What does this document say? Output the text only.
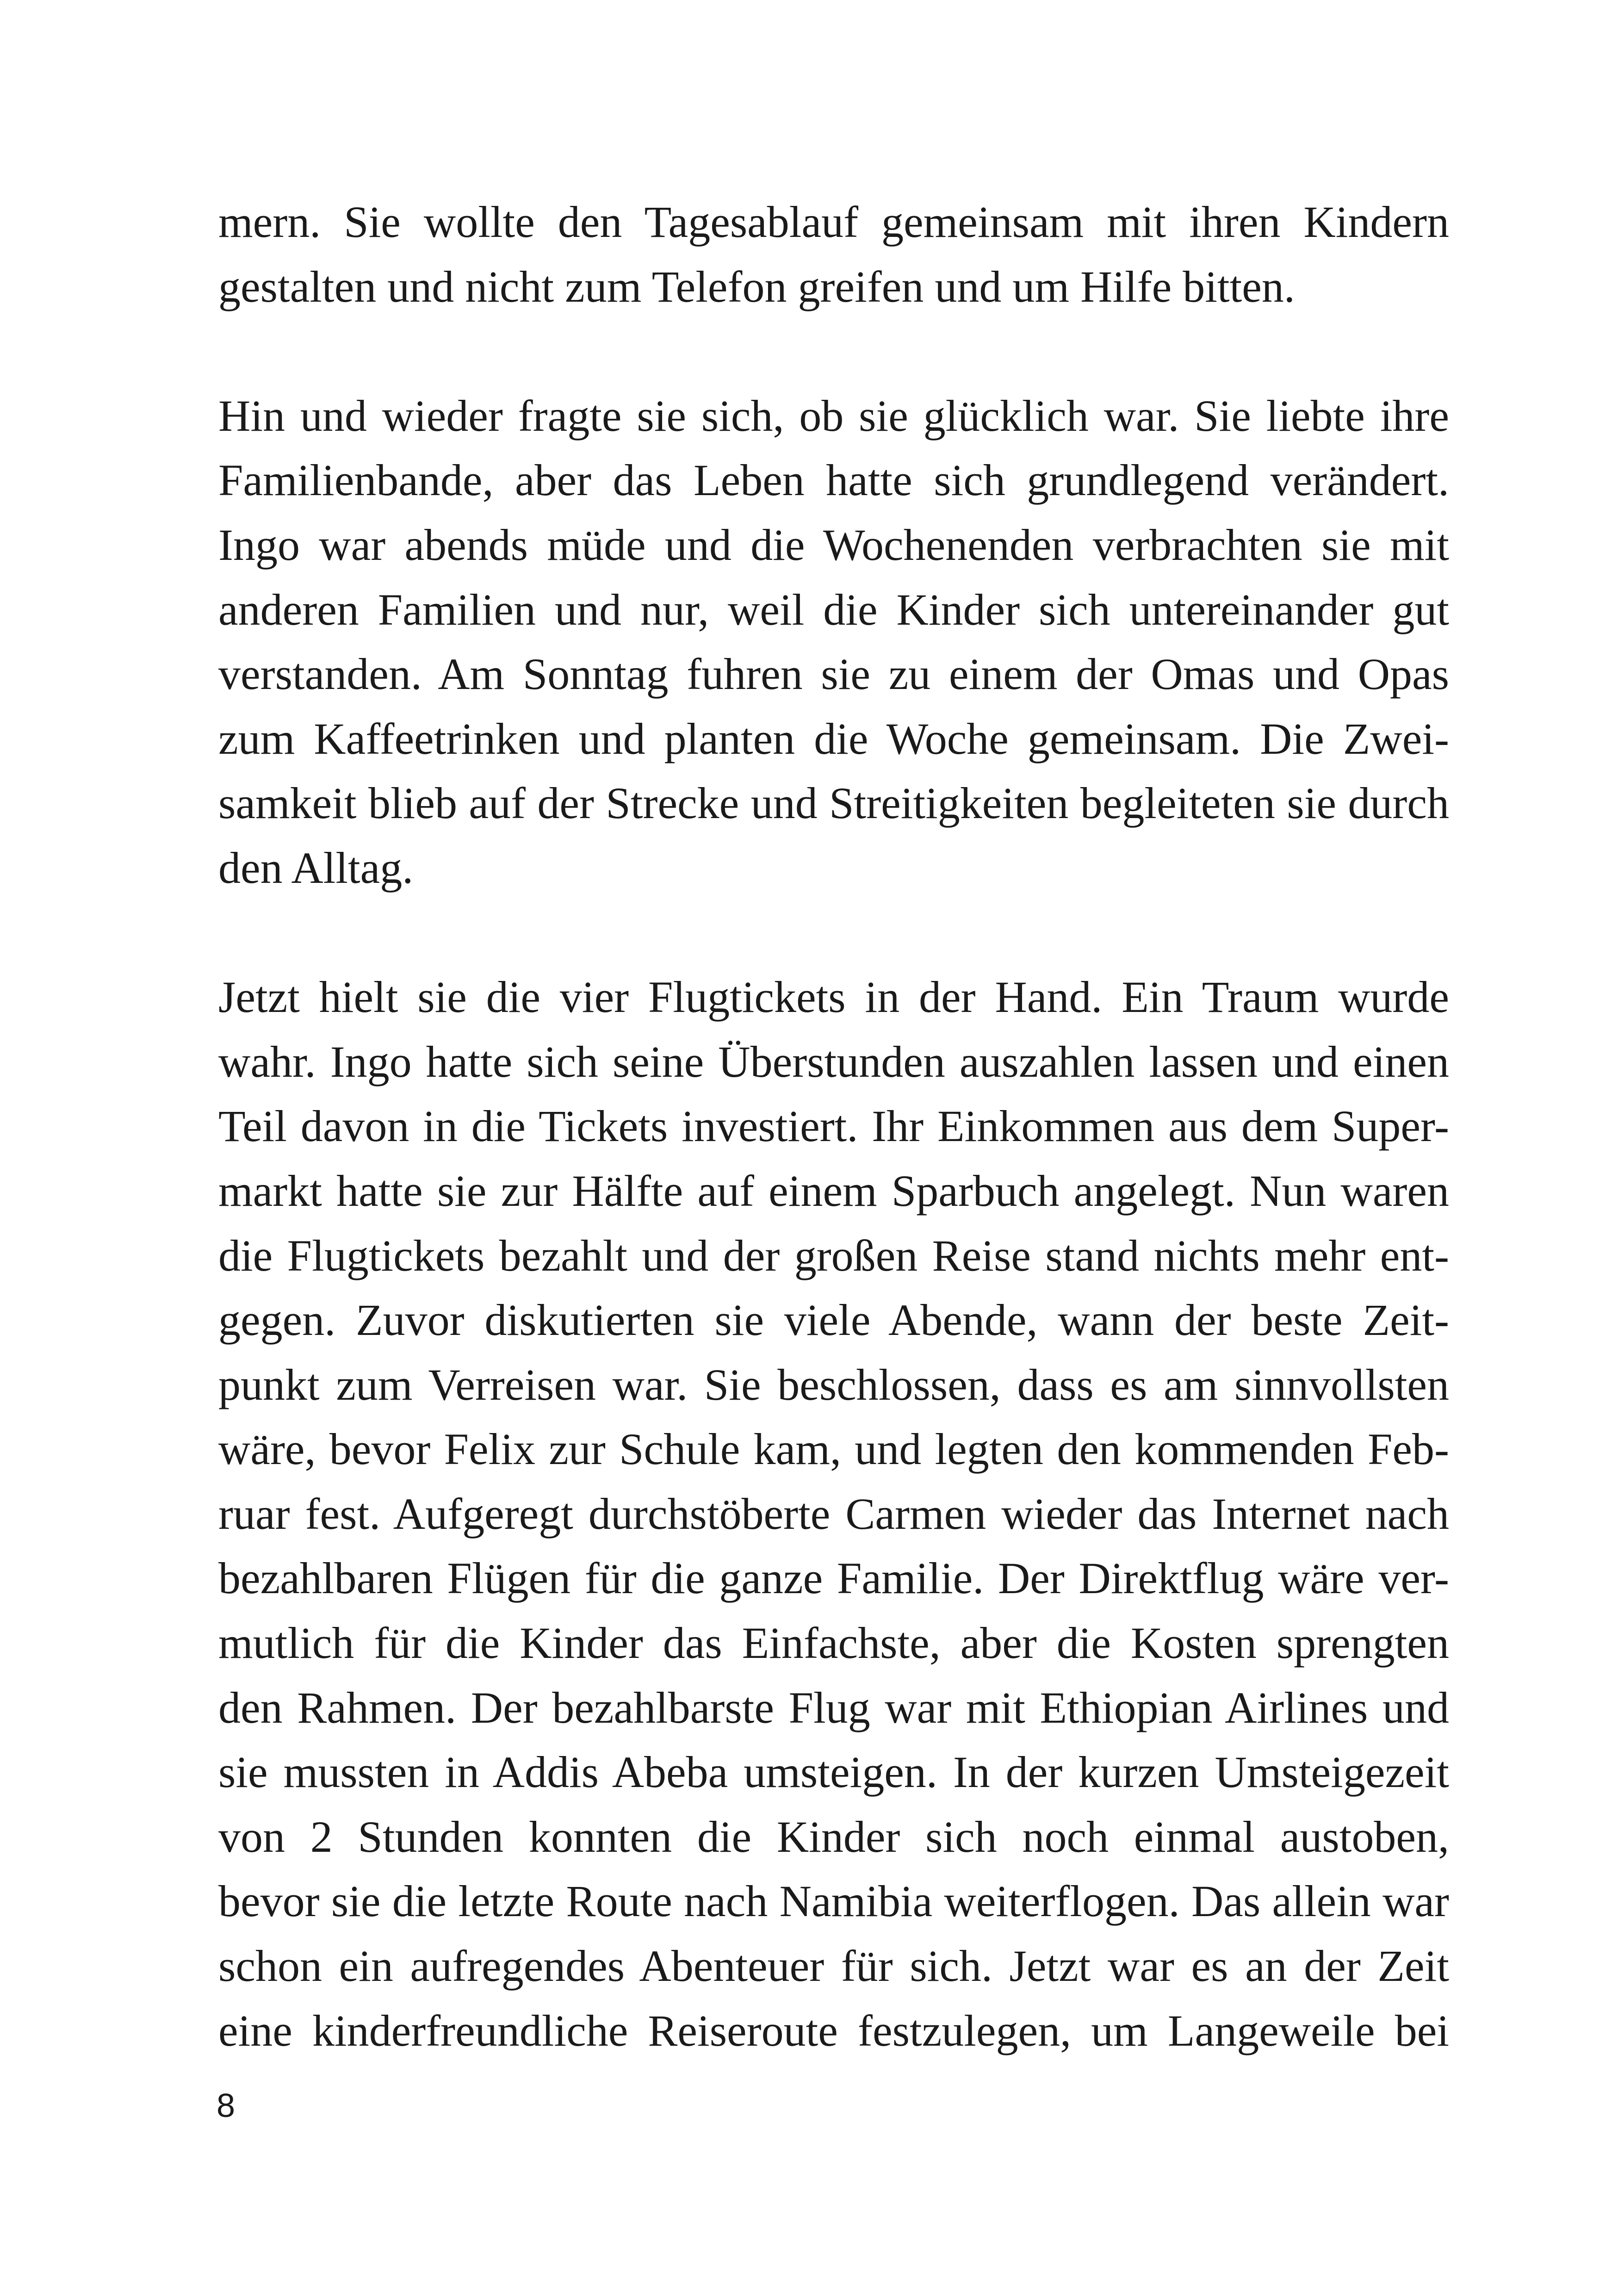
mern. Sie wollte den Tagesablauf gemeinsam mit ihren Kindern
gestalten und nicht zum Telefon greifen und um Hilfe bitten.
Hin und wieder fragte sie sich, ob sie glücklich war. Sie liebte ihre
Familienbande, aber das Leben hatte sich grundlegend verändert.
Ingo war abends müde und die Wochenenden verbrachten sie mit
anderen Familien und nur, weil die Kinder sich untereinander gut
verstanden. Am Sonntag fuhren sie zu einem der Omas und Opas
zum Kaffeetrinken und planten die Woche gemeinsam. Die Zwei-
samkeit blieb auf der Strecke und Streitigkeiten begleiteten sie durch
den Alltag.
Jetzt hielt sie die vier Flugtickets in der Hand. Ein Traum wurde
wahr. Ingo hatte sich seine Überstunden auszahlen lassen und einen
Teil davon in die Tickets investiert. Ihr Einkommen aus dem Super-
markt hatte sie zur Hälfte auf einem Sparbuch angelegt. Nun waren
die Flugtickets bezahlt und der großen Reise stand nichts mehr ent-
gegen. Zuvor diskutierten sie viele Abende, wann der beste Zeit-
punkt zum Verreisen war. Sie beschlossen, dass es am sinnvollsten
wäre, bevor Felix zur Schule kam, und legten den kommenden Feb-
ruar fest. Aufgeregt durchstöberte Carmen wieder das Internet nach
bezahlbaren Flügen für die ganze Familie. Der Direktflug wäre ver-
mutlich für die Kinder das Einfachste, aber die Kosten sprengten
den Rahmen. Der bezahlbarste Flug war mit Ethiopian Airlines und
sie mussten in Addis Abeba umsteigen. In der kurzen Umsteigezeit
von 2 Stunden konnten die Kinder sich noch einmal austoben,
bevor sie die letzte Route nach Namibia weiterflogen. Das allein war
schon ein aufregendes Abenteuer für sich. Jetzt war es an der Zeit
eine kinderfreundliche Reiseroute festzulegen, um Langeweile bei
8
